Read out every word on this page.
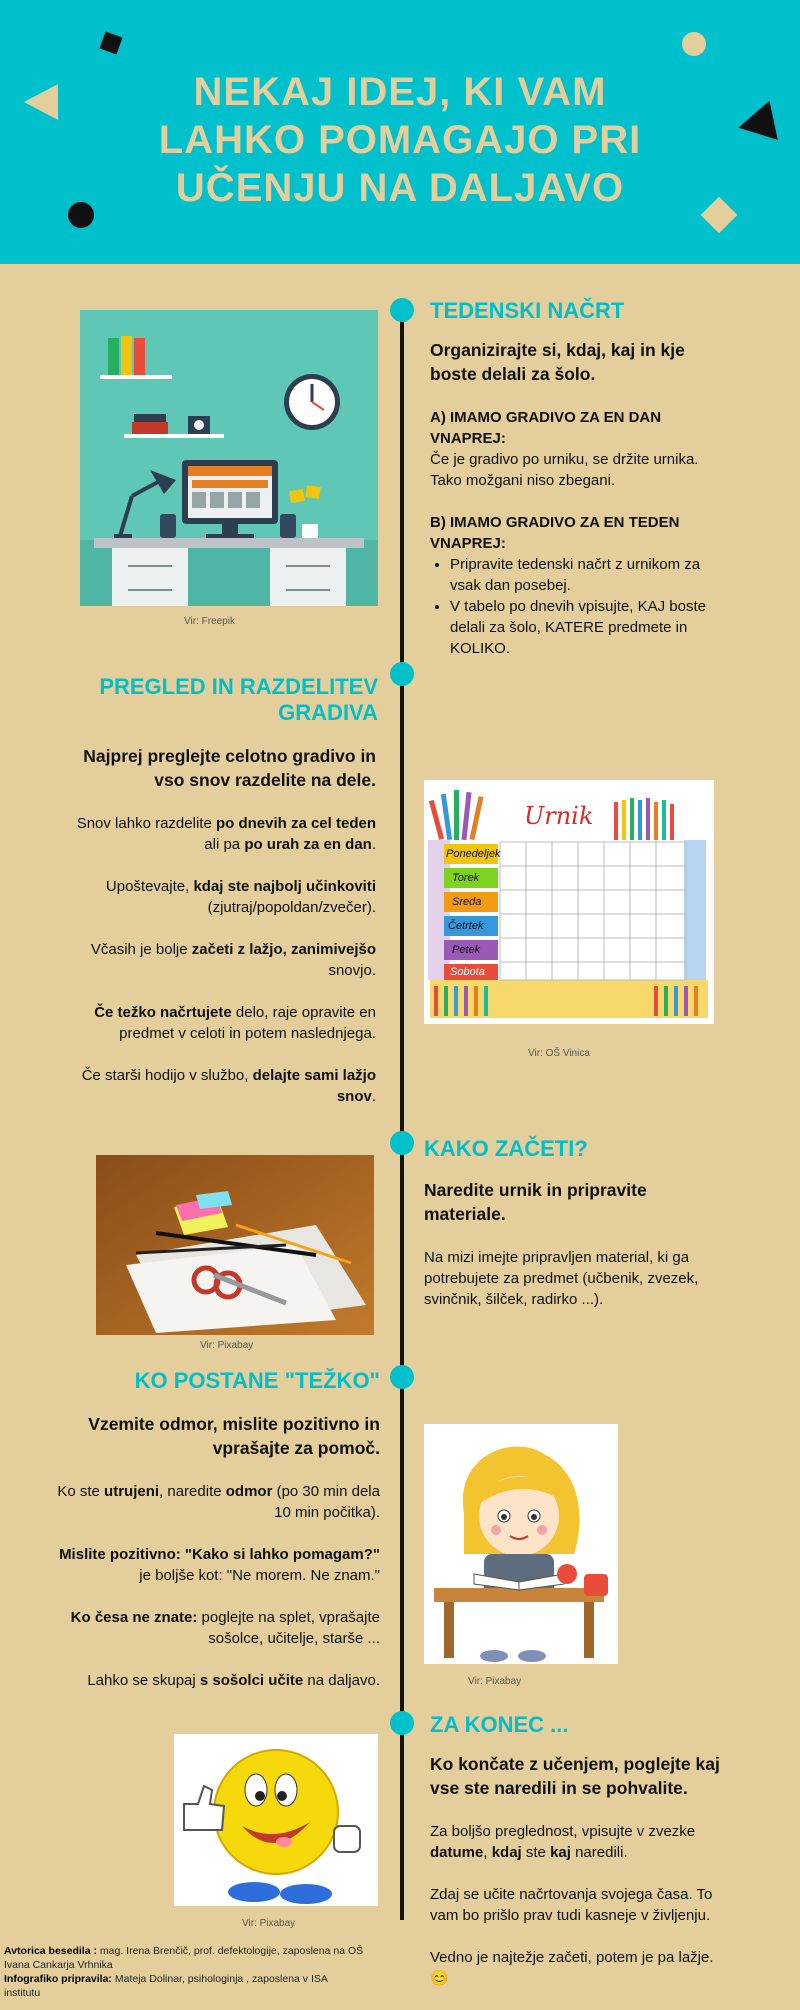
NEKAJ IDEJ, KI VAM
LAHKO POMAGAJO PRI
UČENJU NA DALJAVO
Vir: Freepik
TEDENSKI NAČRT

Organizirajte si, kdaj, kaj in kje boste delali za šolo.

A) IMAMO GRADIVO ZA EN DAN VNAPREJ:

Če je gradivo po urniku, se držite urnika. Tako možgani niso zbegani.

B) IMAMO GRADIVO ZA EN TEDEN VNAPREJ:
• Pripravite tedenski načrt z urnikom za vsak dan posebej.
• V tabelo po dnevih vpisujte, KAJ boste delali za šolo, KATERE predmete in KOLIKO.
PREGLED IN RAZDELITEV GRADIVA

Najprej preglejte celotno gradivo in vso snov razdelite na dele.

Snov lahko razdelite po dnevih za cel teden ali pa po urah za en dan.

Upoštevajte, kdaj ste najbolj učinkoviti (zjutraj/popoldan/zvečer).

Včasih je bolje začeti z lažjo, zanimivejšo snovjo.

Če težko načrtujete delo, raje opravite en predmet v celoti in potem naslednjega.

Če starši hodijo v službo, delajte sami lažjo snov.

Urnik
Ponedeljek
Torek
Sreda
Četrtek
Petek
Sobota
Vir: OŠ Vinica
Vir: Pixabay
KAKO ZAČETI?

Naredite urnik in pripravite materiale.

Na mizi imejte pripravljen material, ki ga potrebujete za predmet (učbenik, zvezek, svinčnik, šilček, radirko ...).

KO POSTANE "TEŽKO"

Vzemite odmor, mislite pozitivno in vprašajte za pomoč.

Ko ste utrujeni, naredite odmor (po 30 min dela 10 min počitka).

Mislite pozitivno: "Kako si lahko pomagam?" je boljše kot: "Ne morem. Ne znam."

Ko česa ne znate: poglejte na splet, vprašajte sošolce, učitelje, starše ...

Lahko se skupaj s sošolci učite na daljavo.	Vir: Pixabay
Vir: Pixabay
ZA KONEC ...

Ko končate z učenjem, poglejte kaj vse ste naredili in se pohvalite.

Za boljšo preglednost, vpisujte v zvezke datume, kdaj ste kaj naredili.

Zdaj se učite načrtovanja svojega časa. To vam bo prišlo prav tudi kasneje v življenju.

Vedno je najtežje začeti, potem je pa lažje. 😊

Avtorica besedila : mag. Irena Brenčič, prof. defektologije, zaposlena na OŠ Ivana Cankarja Vrhnika
Infografiko pripravila: Mateja Dolinar, psihologinja , zaposlena v ISA institutu
